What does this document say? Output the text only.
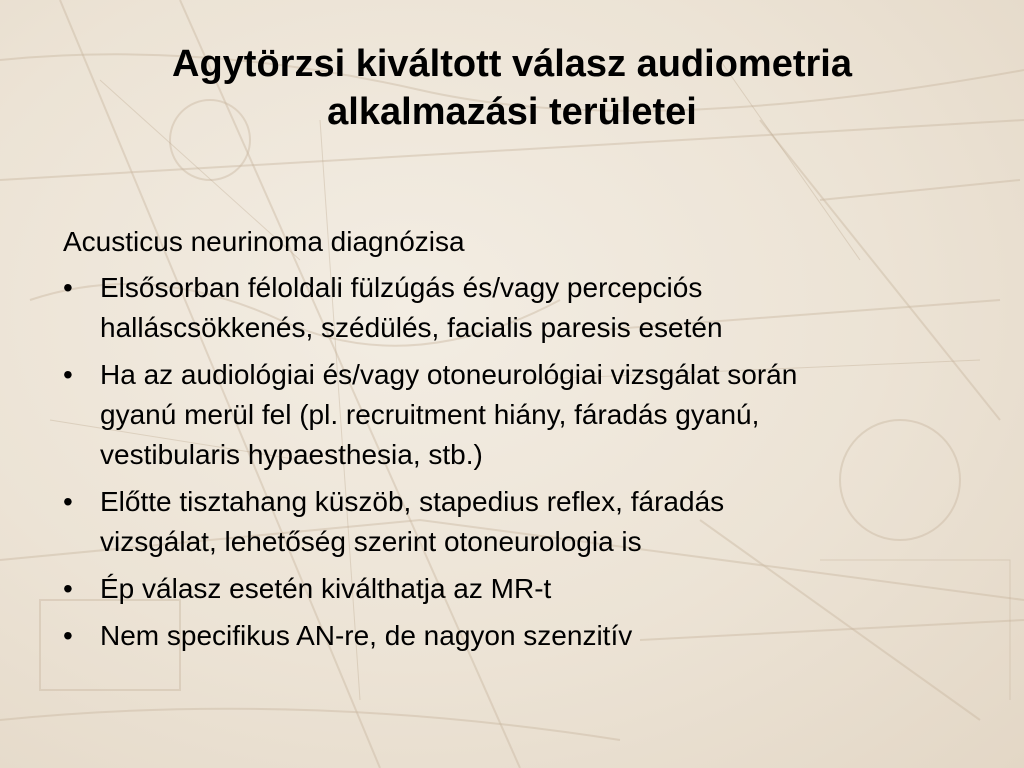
Agytörzsi kiváltott válasz audiometria
alkalmazási területei

Acusticus neurinoma diagnózisa

• Elsősorban féloldali fülzúgás és/vagy percepciós
halláscsökkenés, szédülés, facialis paresis esetén
• Ha az audiológiai és/vagy otoneurológiai vizsgálat során
gyanú merül fel (pl. recruitment hiány, fáradás gyanú,
vestibularis hypaesthesia, stb.)
• Előtte tisztahang küszöb, stapedius reflex, fáradás
vizsgálat, lehetőség szerint otoneurologia is
• Ép válasz esetén kiválthatja az MR-t
• Nem specifikus AN-re, de nagyon szenzitív
